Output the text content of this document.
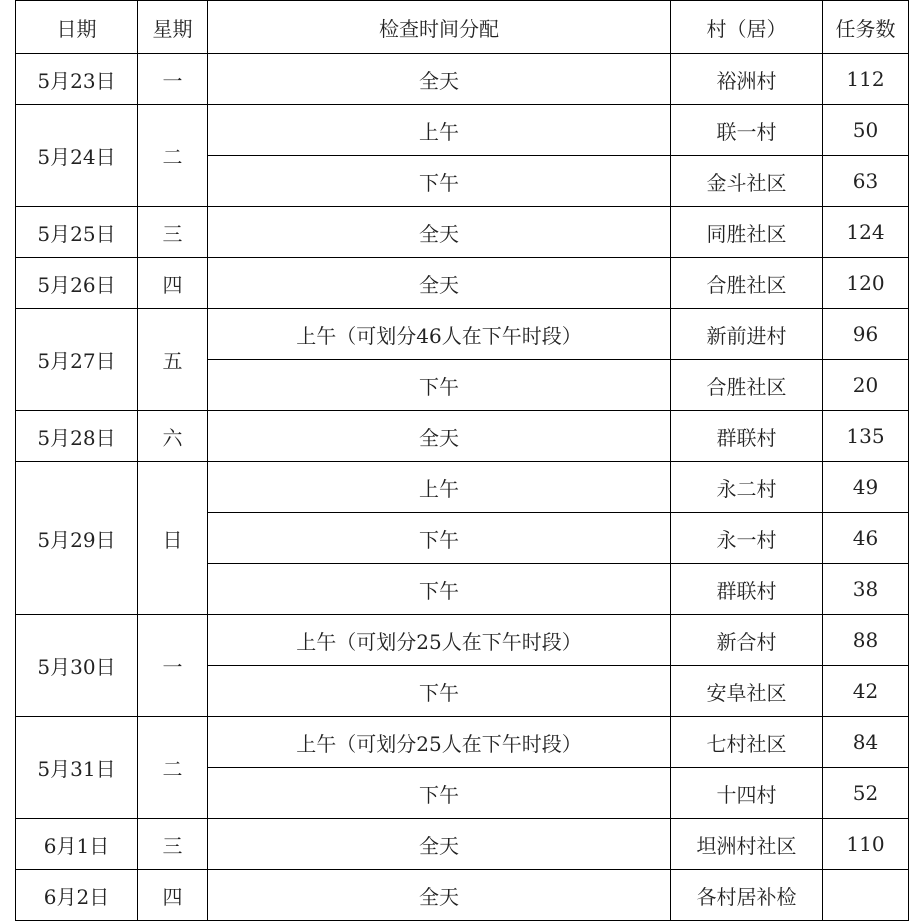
日期	星期	检查时间分配	村（居）	任务数
5月23日	一	全天	裕洲村	112
5月24日	二	上午	联一村	50
		下午	金斗社区	63
5月25日	三	全天	同胜社区	124
5月26日	四	全天	合胜社区	120
5月27日	五	上午（可划分46人在下午时段）	新前进村	96
		下午	合胜社区	20
5月28日	六	全天	群联村	135
5月29日	日	上午	永二村	49
		下午	永一村	46
		下午	群联村	38
5月30日	一	上午（可划分25人在下午时段）	新合村	88
		下午	安阜社区	42
5月31日	二	上午（可划分25人在下午时段）	七村社区	84
		下午	十四村	52
6月1日	三	全天	坦洲村社区	110
6月2日	四	全天	各村居补检	
